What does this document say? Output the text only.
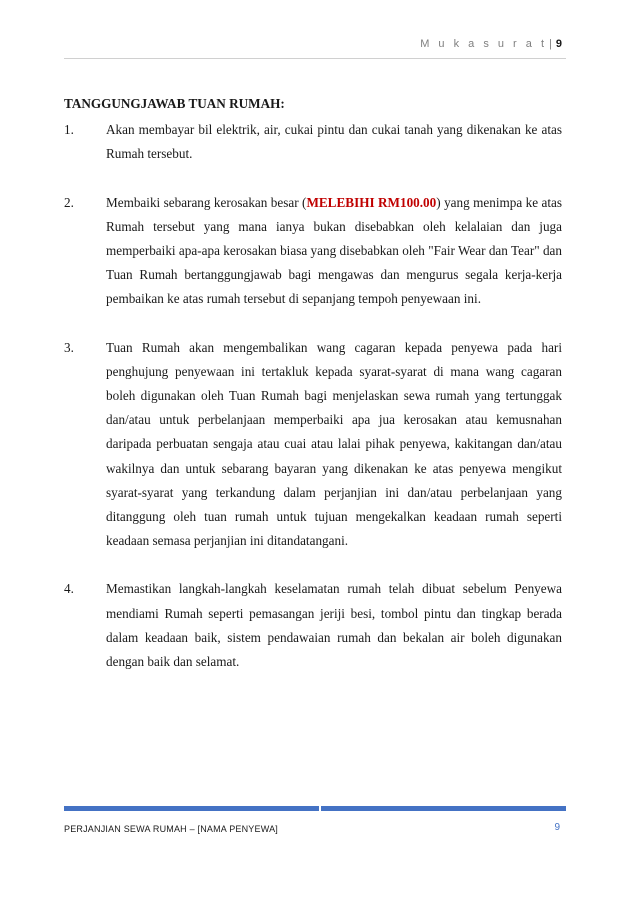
M u k a s u r a t | 9
TANGGUNGJAWAB TUAN RUMAH:
1.	Akan membayar bil elektrik, air, cukai pintu dan cukai tanah yang dikenakan ke atas Rumah tersebut.
2.	Membaiki sebarang kerosakan besar (MELEBIHI RM100.00) yang menimpa ke atas Rumah tersebut yang mana ianya bukan disebabkan oleh kelalaian dan juga memperbaiki apa-apa kerosakan biasa yang disebabkan oleh "Fair Wear dan Tear" dan Tuan Rumah bertanggungjawab bagi mengawas dan mengurus segala kerja-kerja pembaikan ke atas rumah tersebut di sepanjang tempoh penyewaan ini.
3.	Tuan Rumah akan mengembalikan wang cagaran kepada penyewa pada hari penghujung penyewaan ini tertakluk kepada syarat-syarat di mana wang cagaran boleh digunakan oleh Tuan Rumah bagi menjelaskan sewa rumah yang tertunggak dan/atau untuk perbelanjaan memperbaiki apa jua kerosakan atau kemusnahan daripada perbuatan sengaja atau cuai atau lalai pihak penyewa, kakitangan dan/atau wakilnya dan untuk sebarang bayaran yang dikenakan ke atas penyewa mengikut syarat-syarat yang terkandung dalam perjanjian ini dan/atau perbelanjaan yang ditanggung oleh tuan rumah untuk tujuan mengekalkan keadaan rumah seperti keadaan semasa perjanjian ini ditandatangani.
4.	Memastikan langkah-langkah keselamatan rumah telah dibuat sebelum Penyewa mendiami Rumah seperti pemasangan jeriji besi, tombol pintu dan tingkap berada dalam keadaan baik, sistem pendawaian rumah dan bekalan air boleh digunakan dengan baik dan selamat.
PERJANJIAN SEWA RUMAH – [NAMA PENYEWA]	9
